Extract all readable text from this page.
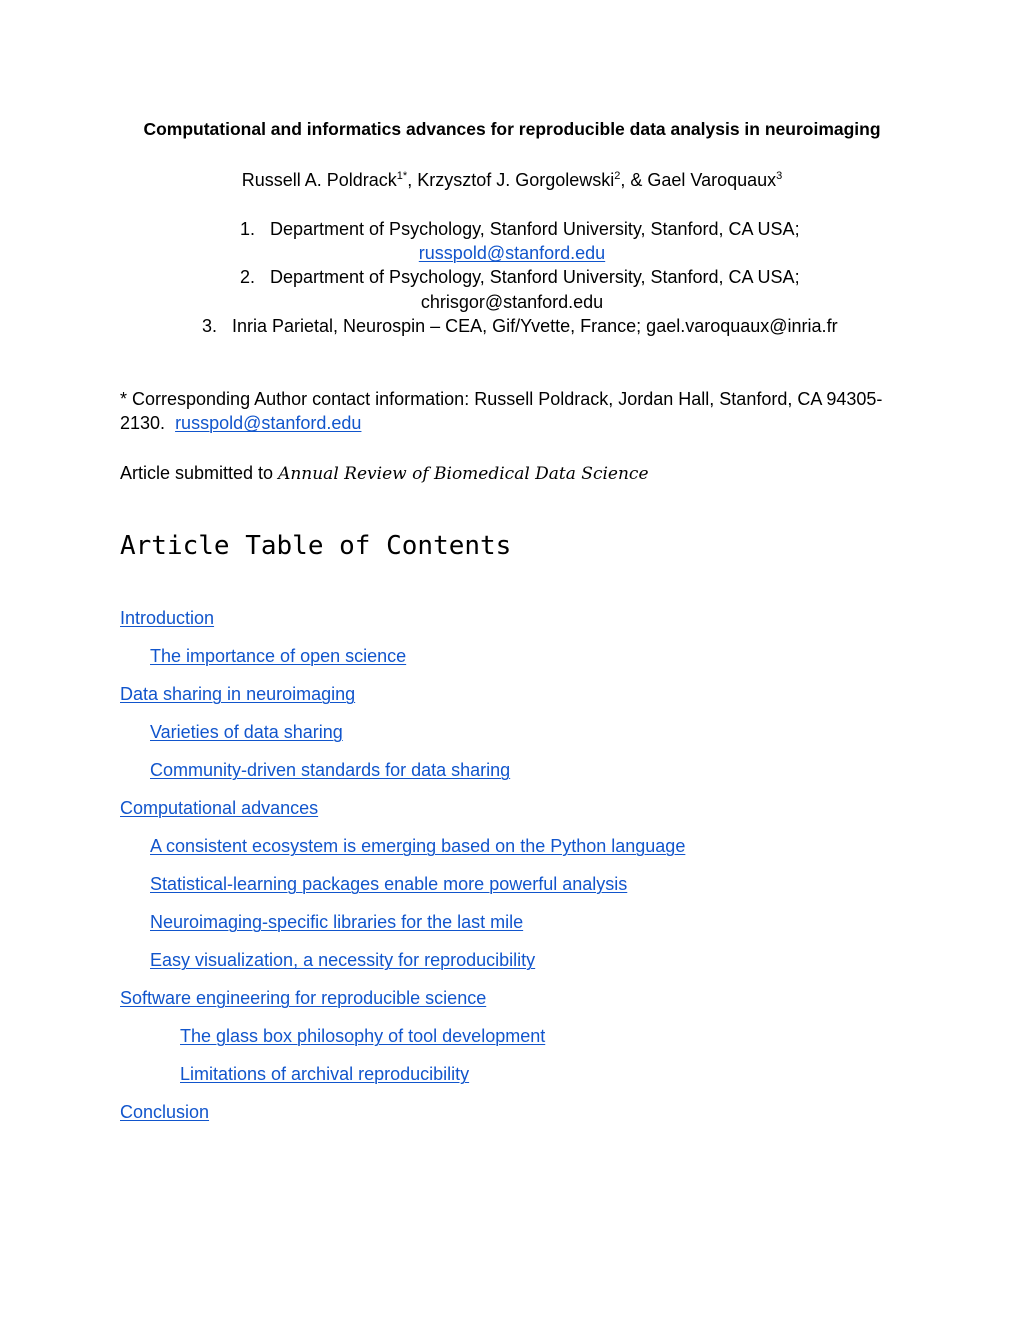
Computational and informatics advances for reproducible data analysis in neuroimaging
Russell A. Poldrack$^{1*}$, Krzysztof J. Gorgolewski$^2$, & Gael Varoquaux$^3$
1. Department of Psychology, Stanford University, Stanford, CA USA;
russpold@stanford.edu
2. Department of Psychology, Stanford University, Stanford, CA USA;
chrisgor@stanford.edu
3. Inria Parietal, Neurospin – CEA, Gif/Yvette, France; gael.varoquaux@inria.fr
* Corresponding Author contact information: Russell Poldrack, Jordan Hall, Stanford, CA 94305-
2130. russpold@stanford.edu
Article submitted to Annual Review of Biomedical Data Science
Article Table of Contents
Introduction
The importance of open science
Data sharing in neuroimaging
Varieties of data sharing
Community-driven standards for data sharing
Computational advances
A consistent ecosystem is emerging based on the Python language
Statistical-learning packages enable more powerful analysis
Neuroimaging-specific libraries for the last mile
Easy visualization, a necessity for reproducibility
Software engineering for reproducible science
The glass box philosophy of tool development
Limitations of archival reproducibility
Conclusion
